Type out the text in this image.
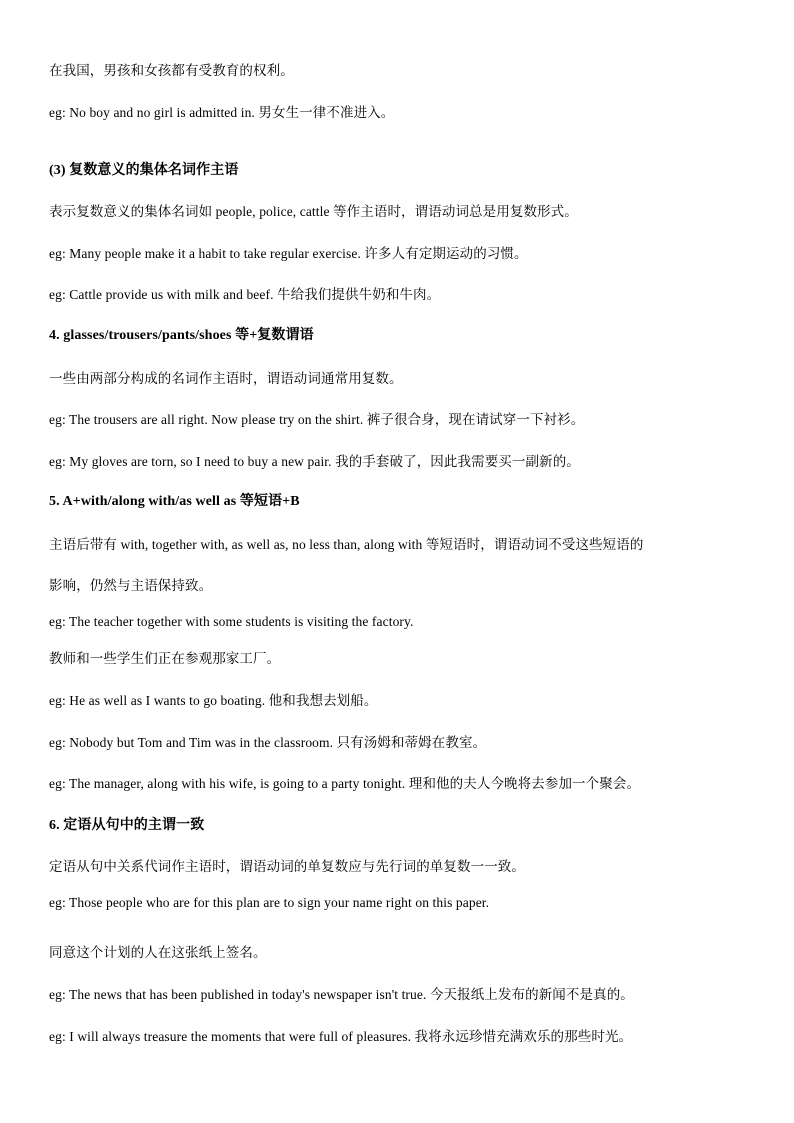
在我国，男孩和女孩都有受教育的权利。
eg: No boy and no girl is admitted in. 男女生一律不准进入。
(3) 复数意义的集体名词作主语
表示复数意义的集体名词如 people, police, cattle 等作主语时，谓语动词总是用复数形式。
eg: Many people make it a habit to take regular exercise. 许多人有定期运动的习惯。
eg: Cattle provide us with milk and beef. 牛给我们提供牛奶和牛肉。
4. glasses/trousers/pants/shoes 等+复数谓语
一些由两部分构成的名词作主语时，谓语动词通常用复数。
eg: The trousers are all right. Now please try on the shirt. 裤子很合身，现在请试穿一下衬衫。
eg: My gloves are torn, so I need to buy a new pair. 我的手套破了，因此我需要买一副新的。
5. A+with/along with/as well as 等短语+B
主语后带有 with, together with, as well as, no less than, along with 等短语时，谓语动词不受这些短语的
影响，仍然与主语保持致。
eg: The teacher together with some students is visiting the factory.
教师和一些学生们正在参观那家工厂。
eg: He as well as I wants to go boating. 他和我想去划船。
eg: Nobody but Tom and Tim was in the classroom. 只有汤姆和蒂姆在教室。
eg: The manager, along with his wife, is going to a party tonight. 理和他的夫人今晚将去参加一个聚会。
6. 定语从句中的主谓一致
定语从句中关系代词作主语时，谓语动词的单复数应与先行词的单复数一一致。
eg: Those people who are for this plan are to sign your name right on this paper.
同意这个计划的人在这张纸上签名。
eg: The news that has been published in today's newspaper isn't true. 今天报纸上发布的新闻不是真的。
eg: I will always treasure the moments that were full of pleasures. 我将永远珍惜充满欢乐的那些时光。
